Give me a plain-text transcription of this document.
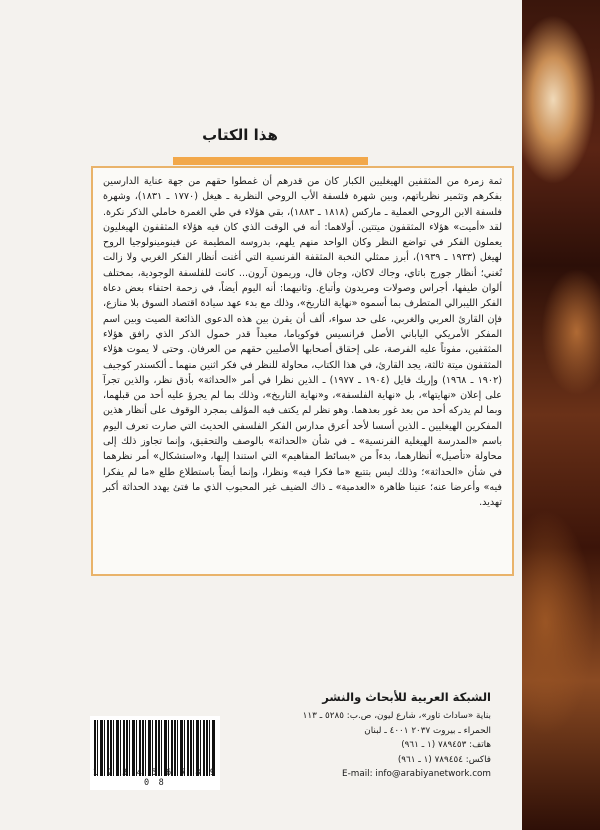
هذا الكتاب

ثمة زمرة من المثقفين الهيغليين الكبار كان من قدرهم أن غمطوا حقهم من جهة عناية الدارسين بفكرهم وتثمير نظرياتهم، وبين شهرة فلسفة الأب الروحي النظرية ـ هيغل (١٧٧٠ ـ ١٨٣١)، وشهرة فلسفة الابن الروحي العملية ـ ماركس (١٨١٨ ـ ١٨٨٣)، بقي هؤلاء في طي الغمرة خاملي الذكر نكرة. لقد «أميت» هؤلاء المثقفون ميتتين. أولاهما: أنه في الوقت الذي كان فيه هؤلاء المثقفون الهيغليون يعملون الفكر في تواضع النظر وكان الواحد منهم يلهم، بدروسه المطيمة عن فينومينولوجيا الروح لهيغل (١٩٣٣ ـ ١٩٣٩)، أبرز ممثلي النخبة المثقفة الفرنسية التي أغنت أنظار الفكر الغربي ولا زالت تُغني؛ أنظار جورج باتاي، وجاك لاكان، وجان فال، وريمون آرون... كانت للفلسفة الوجودية، بمختلف ألوان طيفها، أجراس وصولات ومريدون وأتباع. وثانيهما: أنه اليوم أيضاً، في زحمة احتفاء بعض دعاة الفكر الليبرالي المتطرف بما أسموه «نهاية التاريخ»، وذلك مع بدء عهد سيادة اقتصاد السوق بلا منازع، فإن القارئ العربي والغربي، على حد سواء، ألف أن يقرن بين هذه الدعوى الذائعة الصيت وبين اسم المفكر الأمريكي الياباني الأصل فرانسيس فوكوياما، معيداً قدر خمول الذكر الذي رافق هؤلاء المثقفين، مفوتاً عليه الفرصة، على إحقاق أصحابها الأصليين حقهم من العرفان. وحتى لا يموت هؤلاء المثقفون ميتة ثالثة، يجد القارئ، في هذا الكتاب، محاولة للنظر في فكر اثنين منهما ـ ألكسندر كوجيف (١٩٠٢ ـ ١٩٦٨) وإريك فايل (١٩٠٤ ـ ١٩٧٧) ـ الذين نظرا في أمر «الحداثة» بأدق نظر، والذين تجرآ على إعلان «نهايتها»، بل «نهاية الفلسفة»، و«نهاية التاريخ»، وذلك بما لم يجرؤ عليه أحد من قبلهما، وبما لم يدركه أحد من بعد غور بعدهما. وهو نظر لم يكتف فيه المؤلف بمجرد الوقوف على أنظار هذين المفكرين الهيغليين ـ الذين أسسا لأحد أعرق مدارس الفكر الفلسفي الحديث التي صارت تعرف اليوم باسم «المدرسة الهيغلية الفرنسية» ـ في شأن «الحداثة» بالوصف والتحقيق، وإنما تجاوز ذلك إلى محاولة «تأصيل» أنظارهما، بدءاً من «بسائط المفاهيم» التي استندا إليها، و«استشكال» أمر نظرهما في شأن «الحداثة»؛ وذلك ليس بتتبع «ما فكرا فيه» ونظرا، وإنما أيضاً باستطلاع طلع «ما لم يفكرا فيه» وأعرضا عنه؛ عنينا ظاهرة «العدمية» ـ ذاك الضيف غير المحبوب الذي ما فتئ يهدد الحداثة أكبر تهديد.

الشبكة العربية للأبحاث والنشر
بناية «ساداث تاور»، شارع ليون، ص.ب: ٥٢٨٥ ـ ١١٣
الحمراء ـ بيروت ٢٠٣٧ ٤٠٠١ ـ لبنان
هاتف: ٧٨٩٤٥٣ (١ ـ ٩٦١)
فاكس: ٧٨٩٤٥٤ (١ ـ ٩٦١)
E-mail: info@arabiyanetwork.com
1 2 3 4 5 6 7 8 9 0 8
